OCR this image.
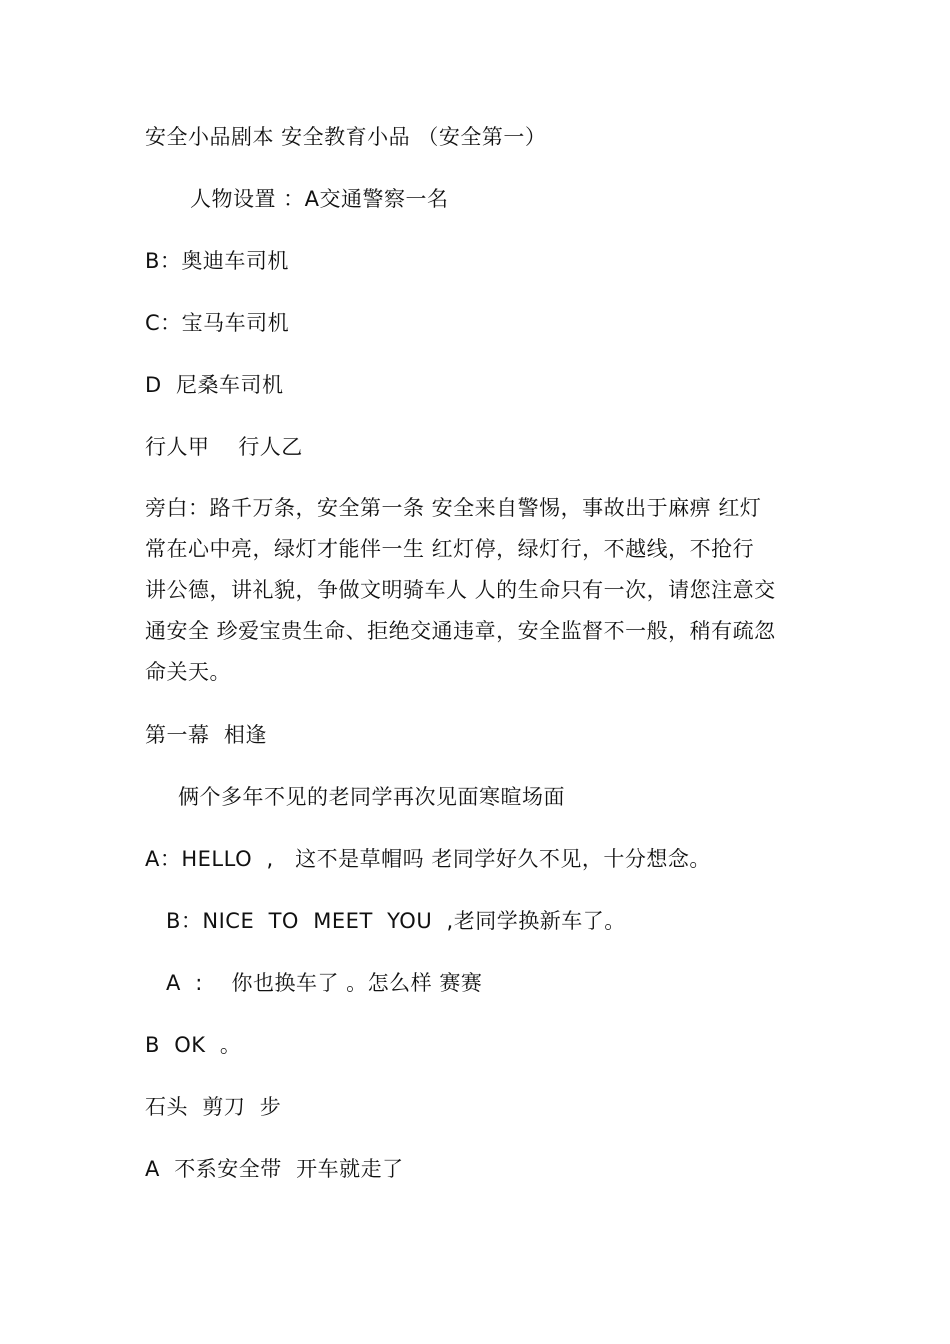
安全小品剧本 安全教育小品 （安全第一）
人物设置 ：A交通警察一名
B：奥迪车司机
C：宝马车司机
D  尼桑车司机
行人甲    行人乙
旁白：路千万条，安全第一条 安全来自警惕，事故出于麻痹 红灯
常在心中亮，绿灯才能伴一生 红灯停，绿灯行，不越线，不抢行
讲公德，讲礼貌，争做文明骑车人 人的生命只有一次，请您注意交
通安全 珍爱宝贵生命、拒绝交通违章，安全监督不一般，稍有疏忽
命关天。
第一幕  相逢
俩个多年不见的老同学再次见面寒暄场面
A：HELLO  ,   这不是草帽吗 老同学好久不见，十分想念。
B：NICE  TO  MEET  YOU  ,老同学换新车了。
A  :    你也换车了 。怎么样 赛赛
B  OK  。
石头  剪刀  步
A  不系安全带  开车就走了
